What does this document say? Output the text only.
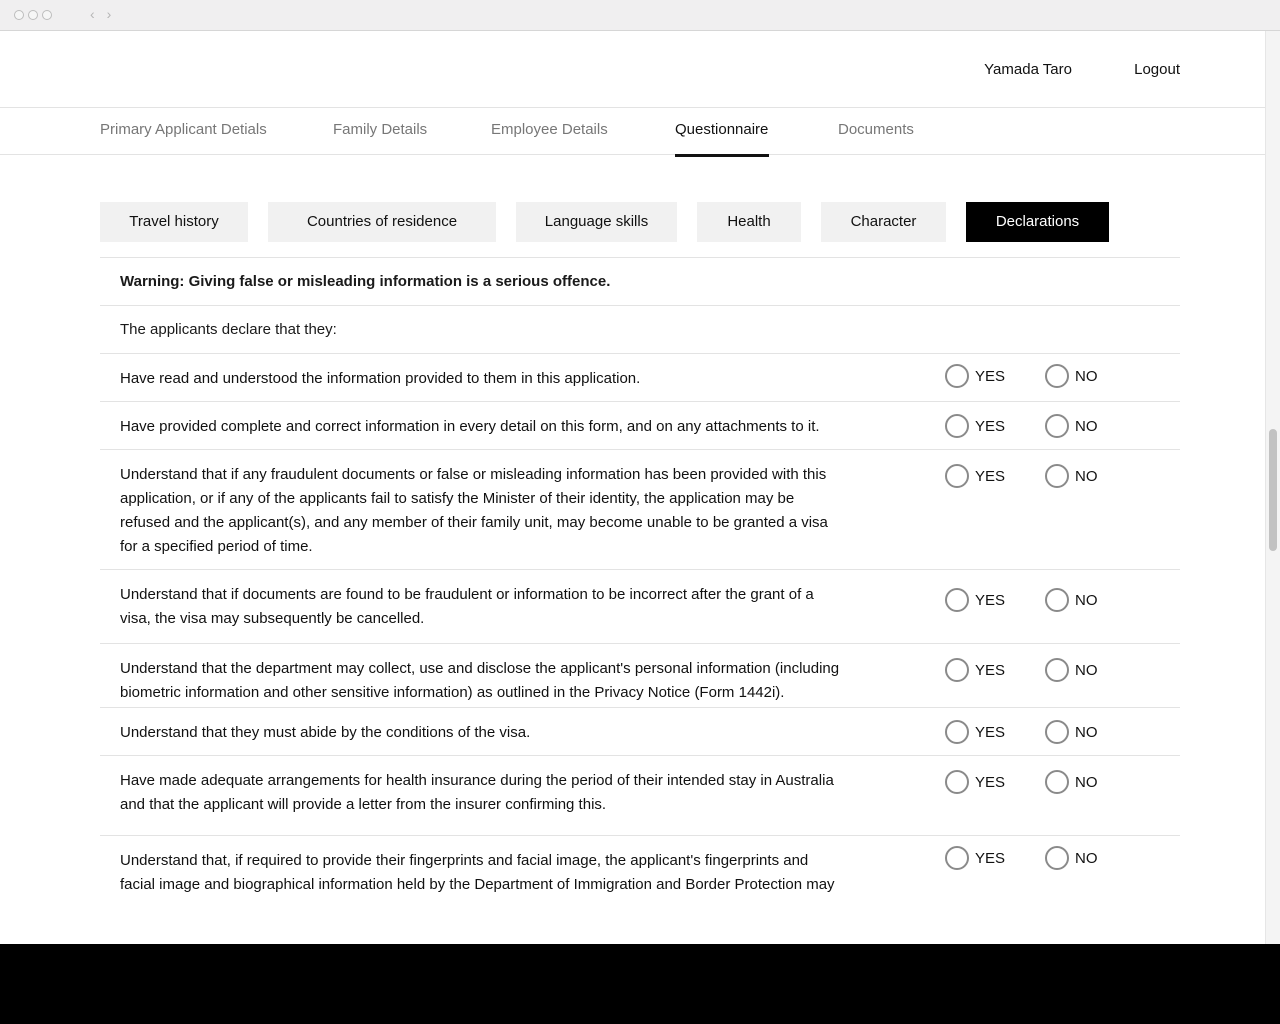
‹ ›
Yamada Taro	Logout
Primary Applicant Detials	Family Details	Employee Details	Questionnaire	Documents
Travel history	Countries of residence	Language skills	Health	Character	Declarations
Warning: Giving false or misleading information is a serious offence.
The applicants declare that they:
Have read and understood the information provided to them in this application.	YES	NO
Have provided complete and correct information in every detail on this form, and on any attachments to it.	YES	NO
Understand that if any fraudulent documents or false or misleading information has been provided with this application, or if any of the applicants fail to satisfy the Minister of their identity, the application may be refused and the applicant(s), and any member of their family unit, may become unable to be granted a visa for a specified period of time.
YES	NO
Understand that if documents are found to be fraudulent or information to be incorrect after the grant of a visa, the visa may subsequently be cancelled.
YES	NO
Understand that the department may collect, use and disclose the applicant's personal information (including biometric information and other sensitive information) as outlined in the Privacy Notice (Form 1442i).
YES	NO
Understand that they must abide by the conditions of the visa.	YES	NO
Have made adequate arrangements for health insurance during the period of their intended stay in Australia and that the applicant will provide a letter from the insurer confirming this.
YES	NO
Understand that, if required to provide their fingerprints and facial image, the applicant's fingerprints and facial image and biographical information held by the Department of Immigration and Border Protection may
YES	NO
